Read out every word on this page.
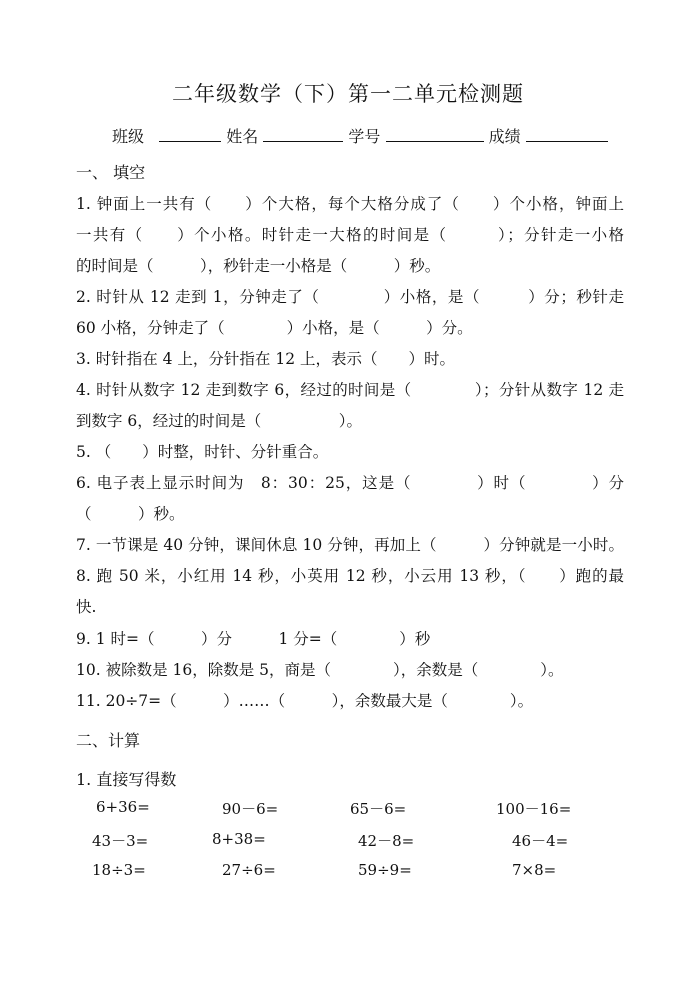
二年级数学（下）第一二单元检测题
班级	姓名	学号	成绩
一、 填空
1. 钟面上一共有（　　）个大格，每个大格分成了（　　）个小格，钟面上
一共有（　　）个小格。时针走一大格的时间是（　　　）；分针走一小格
的时间是（　　　），秒针走一小格是（　　　）秒。
2. 时针从 12 走到 1，分钟走了（　　　　）小格，是（　　　）分；秒针走
60 小格，分钟走了（　　　　）小格，是（　　　）分。
3. 时针指在 4 上，分针指在 12 上，表示（　　）时。
4. 时针从数字 12 走到数字 6，经过的时间是（　　　　）；分针从数字 12 走
到数字 6，经过的时间是（　　　　　）。
5. （　　）时整，时针、分针重合。
6. 电子表上显示时间为　8：30：25，这是（　　　　）时（　　　　）分
（　　　）秒。
7. 一节课是 40 分钟，课间休息 10 分钟，再加上（　　　）分钟就是一小时。
8. 跑 50 米，小红用 14 秒，小英用 12 秒，小云用 13 秒，（　　）跑的最
快.
9. 1 时=（　　　）分　　　1 分=（　　　　）秒
10. 被除数是 16，除数是 5，商是（　　　　），余数是（　　　　）。
11. 20÷7=（　　　）……（　　　），余数最大是（　　　　）。
二、计算
1. 直接写得数
6+36=	90－6=	65－6=	100－16=
43－3=	8+38=	42－8=	46－4=
18÷3=	27÷6=	59÷9=	7×8=
